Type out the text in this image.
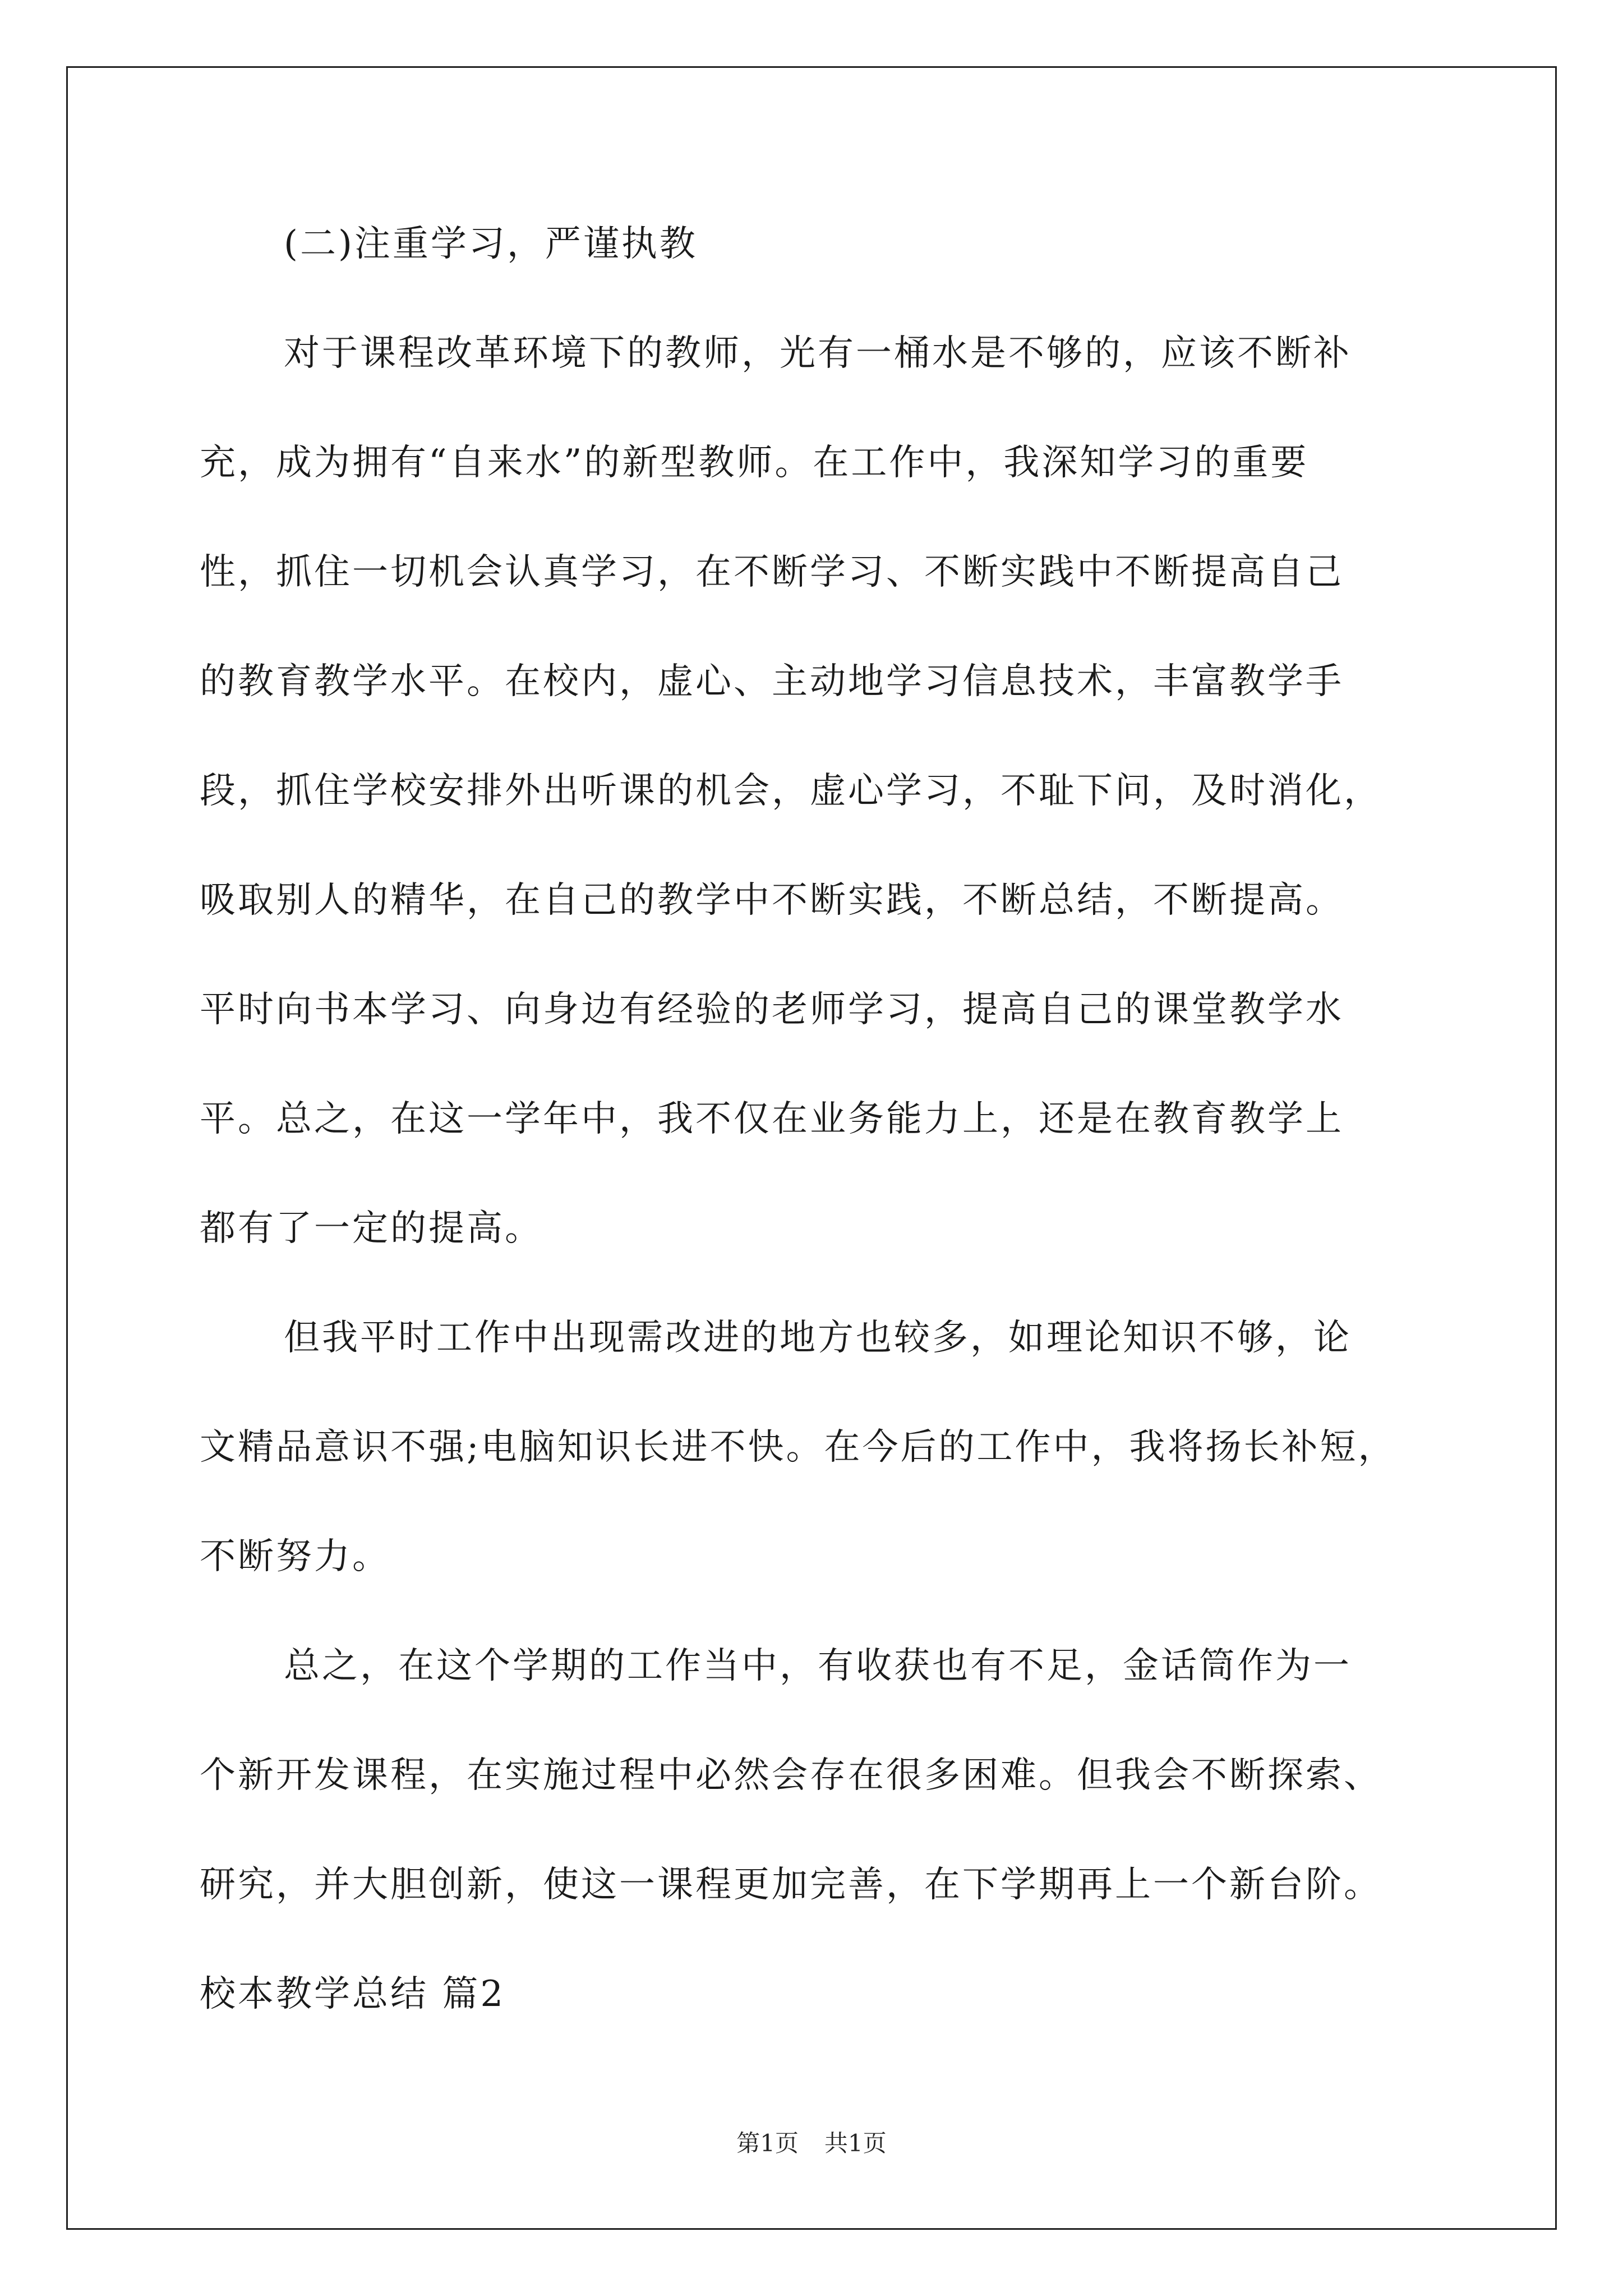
(二)注重学习，严谨执教
对于课程改革环境下的教师，光有一桶水是不够的，应该不断补
充，成为拥有“自来水”的新型教师。在工作中，我深知学习的重要
性，抓住一切机会认真学习，在不断学习、不断实践中不断提高自己
的教育教学水平。在校内，虚心、主动地学习信息技术，丰富教学手
段，抓住学校安排外出听课的机会，虚心学习，不耻下问，及时消化，
吸取别人的精华，在自己的教学中不断实践，不断总结，不断提高。
平时向书本学习、向身边有经验的老师学习，提高自己的课堂教学水
平。总之，在这一学年中，我不仅在业务能力上，还是在教育教学上
都有了一定的提高。
但我平时工作中出现需改进的地方也较多，如理论知识不够，论
文精品意识不强;电脑知识长进不快。在今后的工作中，我将扬长补短，
不断努力。
总之，在这个学期的工作当中，有收获也有不足，金话筒作为一
个新开发课程，在实施过程中必然会存在很多困难。但我会不断探索、
研究，并大胆创新，使这一课程更加完善，在下学期再上一个新台阶。
校本教学总结 篇2
第1页 共1页
